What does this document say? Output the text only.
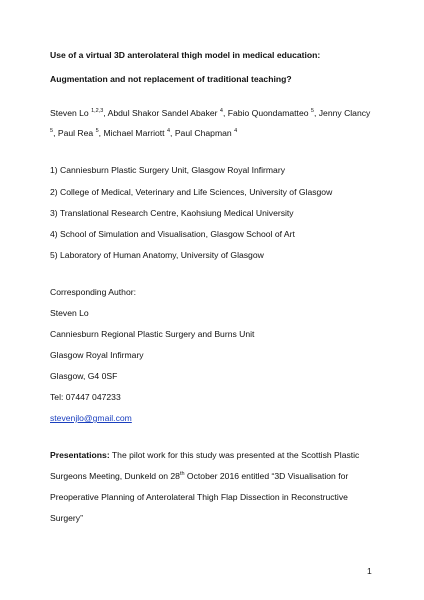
Use of a virtual 3D anterolateral thigh model in medical education:
Augmentation and not replacement of traditional teaching?
Steven Lo $^{1,2,3}$, Abdul Shakor Sandel Abaker $^4$, Fabio Quondamatteo $^5$, Jenny Clancy
$^5$, Paul Rea $^5$, Michael Marriott $^4$, Paul Chapman $^4$
1) Canniesburn Plastic Surgery Unit, Glasgow Royal Infirmary
2) College of Medical, Veterinary and Life Sciences, University of Glasgow
3) Translational Research Centre, Kaohsiung Medical University
4) School of Simulation and Visualisation, Glasgow School of Art
5) Laboratory of Human Anatomy, University of Glasgow
Corresponding Author:
Steven Lo
Canniesburn Regional Plastic Surgery and Burns Unit
Glasgow Royal Infirmary
Glasgow, G4 0SF
Tel: 07447 047233
stevenjlo@gmail.com
Presentations: The pilot work for this study was presented at the Scottish Plastic
Surgeons Meeting, Dunkeld on 28th October 2016 entitled “3D Visualisation for
Preoperative Planning of Anterolateral Thigh Flap Dissection in Reconstructive
Surgery”
1
